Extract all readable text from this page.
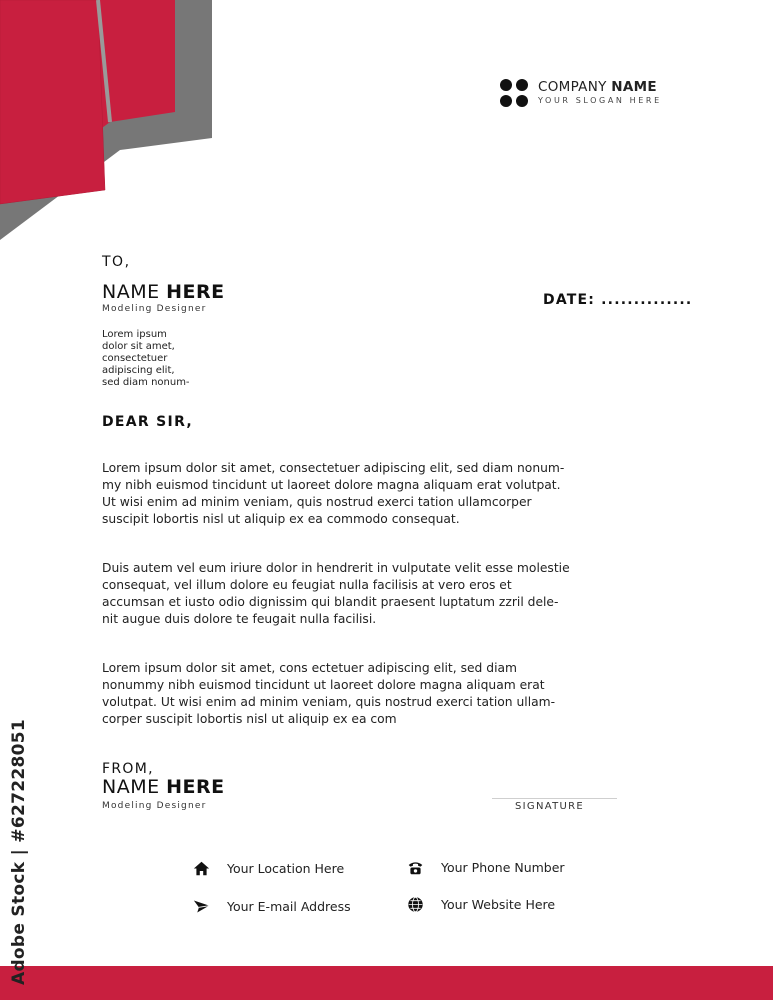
COMPANY NAME
YOUR SLOGAN HERE
TO,
NAME HERE
Modeling Designer
Lorem ipsum
dolor sit amet,
consectetuer
adipiscing elit,
sed diam nonum-
DATE: ..............
DEAR SIR,
Lorem ipsum dolor sit amet, consectetuer adipiscing elit, sed diam nonum-
my nibh euismod tincidunt ut laoreet dolore magna aliquam erat volutpat.
Ut wisi enim ad minim veniam, quis nostrud exerci tation ullamcorper
suscipit lobortis nisl ut aliquip ex ea commodo consequat.
Duis autem vel eum iriure dolor in hendrerit in vulputate velit esse molestie
consequat, vel illum dolore eu feugiat nulla facilisis at vero eros et
accumsan et iusto odio dignissim qui blandit praesent luptatum zzril dele-
nit augue duis dolore te feugait nulla facilisi.
Lorem ipsum dolor sit amet, cons ectetuer adipiscing elit, sed diam
nonummy nibh euismod tincidunt ut laoreet dolore magna aliquam erat
volutpat. Ut wisi enim ad minim veniam, quis nostrud exerci tation ullam-
corper suscipit lobortis nisl ut aliquip ex ea com
FROM,
NAME HERE
Modeling Designer	SIGNATURE
Your Location Here	Your Phone Number
Your E-mail Address	Your Website Here
Adobe Stock | #627228051
